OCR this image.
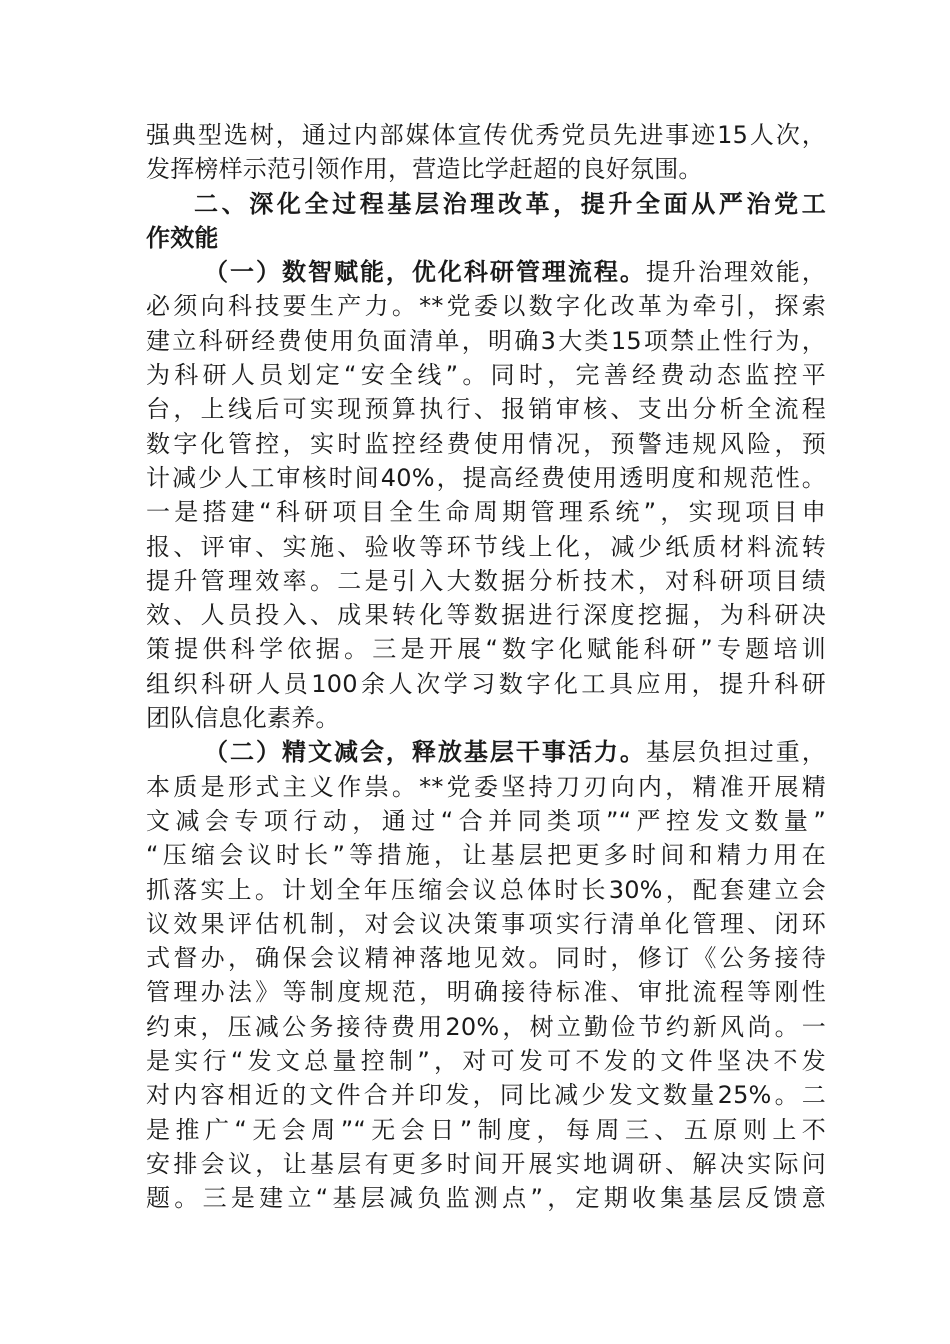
强典型选树，通过内部媒体宣传优秀党员先进事迹15人次，
发挥榜样示范引领作用，营造比学赶超的良好氛围。
二、深化全过程基层治理改革，提升全面从严治党工
作效能
（一）数智赋能，优化科研管理流程。提升治理效能，
必须向科技要生产力。**党委以数字化改革为牵引，探索
建立科研经费使用负面清单，明确3大类15项禁止性行为，
为科研人员划定“安全线”。同时，完善经费动态监控平
台，上线后可实现预算执行、报销审核、支出分析全流程
数字化管控，实时监控经费使用情况，预警违规风险，预
计减少人工审核时间40%，提高经费使用透明度和规范性。
一是搭建“科研项目全生命周期管理系统”，实现项目申
报、评审、实施、验收等环节线上化，减少纸质材料流转
提升管理效率。二是引入大数据分析技术，对科研项目绩
效、人员投入、成果转化等数据进行深度挖掘，为科研决
策提供科学依据。三是开展“数字化赋能科研”专题培训
组织科研人员100余人次学习数字化工具应用，提升科研
团队信息化素养。
（二）精文减会，释放基层干事活力。基层负担过重，
本质是形式主义作祟。**党委坚持刀刃向内，精准开展精
文减会专项行动，通过“合并同类项”“严控发文数量”
“压缩会议时长”等措施，让基层把更多时间和精力用在
抓落实上。计划全年压缩会议总体时长30%，配套建立会
议效果评估机制，对会议决策事项实行清单化管理、闭环
式督办，确保会议精神落地见效。同时，修订《公务接待
管理办法》等制度规范，明确接待标准、审批流程等刚性
约束，压减公务接待费用20%，树立勤俭节约新风尚。一
是实行“发文总量控制”，对可发可不发的文件坚决不发
对内容相近的文件合并印发，同比减少发文数量25%。二
是推广“无会周”“无会日”制度，每周三、五原则上不
安排会议，让基层有更多时间开展实地调研、解决实际问
题。三是建立“基层减负监测点”，定期收集基层反馈意
